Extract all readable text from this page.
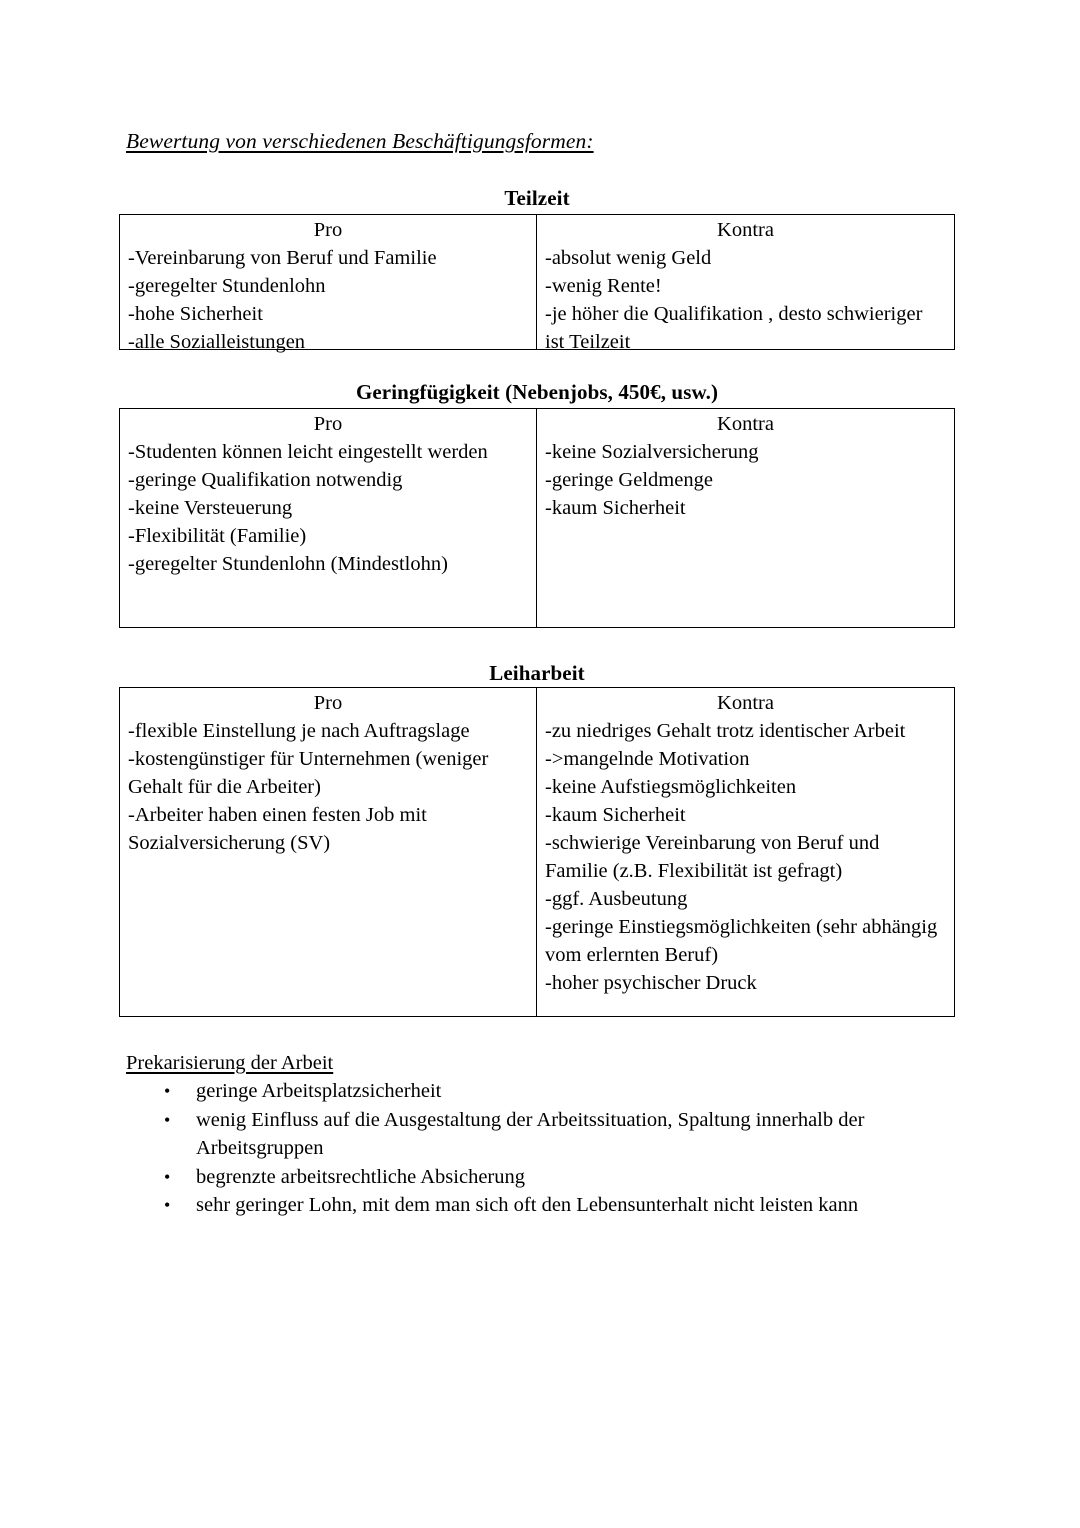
Bewertung von verschiedenen Beschäftigungsformen:
Teilzeit
Pro
-Vereinbarung von Beruf und Familie
-geregelter Stundenlohn
-hohe Sicherheit
-alle Sozialleistungen
Kontra
-absolut wenig Geld
-wenig Rente!
-je höher die Qualifikation , desto schwieriger ist Teilzeit
Geringfügigkeit (Nebenjobs, 450€, usw.)
Pro
-Studenten können leicht eingestellt werden
-geringe Qualifikation notwendig
-keine Versteuerung
-Flexibilität (Familie)
-geregelter Stundenlohn (Mindestlohn)
Kontra
-keine Sozialversicherung
-geringe Geldmenge
-kaum Sicherheit
Leiharbeit
Pro
-flexible Einstellung je nach Auftragslage
-kostengünstiger für Unternehmen (weniger Gehalt für die Arbeiter)
-Arbeiter haben einen festen Job mit Sozialversicherung (SV)
Kontra
-zu niedriges Gehalt trotz identischer Arbeit
->mangelnde Motivation
-keine Aufstiegsmöglichkeiten
-kaum Sicherheit
-schwierige Vereinbarung von Beruf und Familie (z.B. Flexibilität ist gefragt)
-ggf. Ausbeutung
-geringe Einstiegsmöglichkeiten (sehr abhängig vom erlernten Beruf)
-hoher psychischer Druck
Prekarisierung der Arbeit
• geringe Arbeitsplatzsicherheit
• wenig Einfluss auf die Ausgestaltung der Arbeitssituation, Spaltung innerhalb der Arbeitsgruppen
• begrenzte arbeitsrechtliche Absicherung
• sehr geringer Lohn, mit dem man sich oft den Lebensunterhalt nicht leisten kann
